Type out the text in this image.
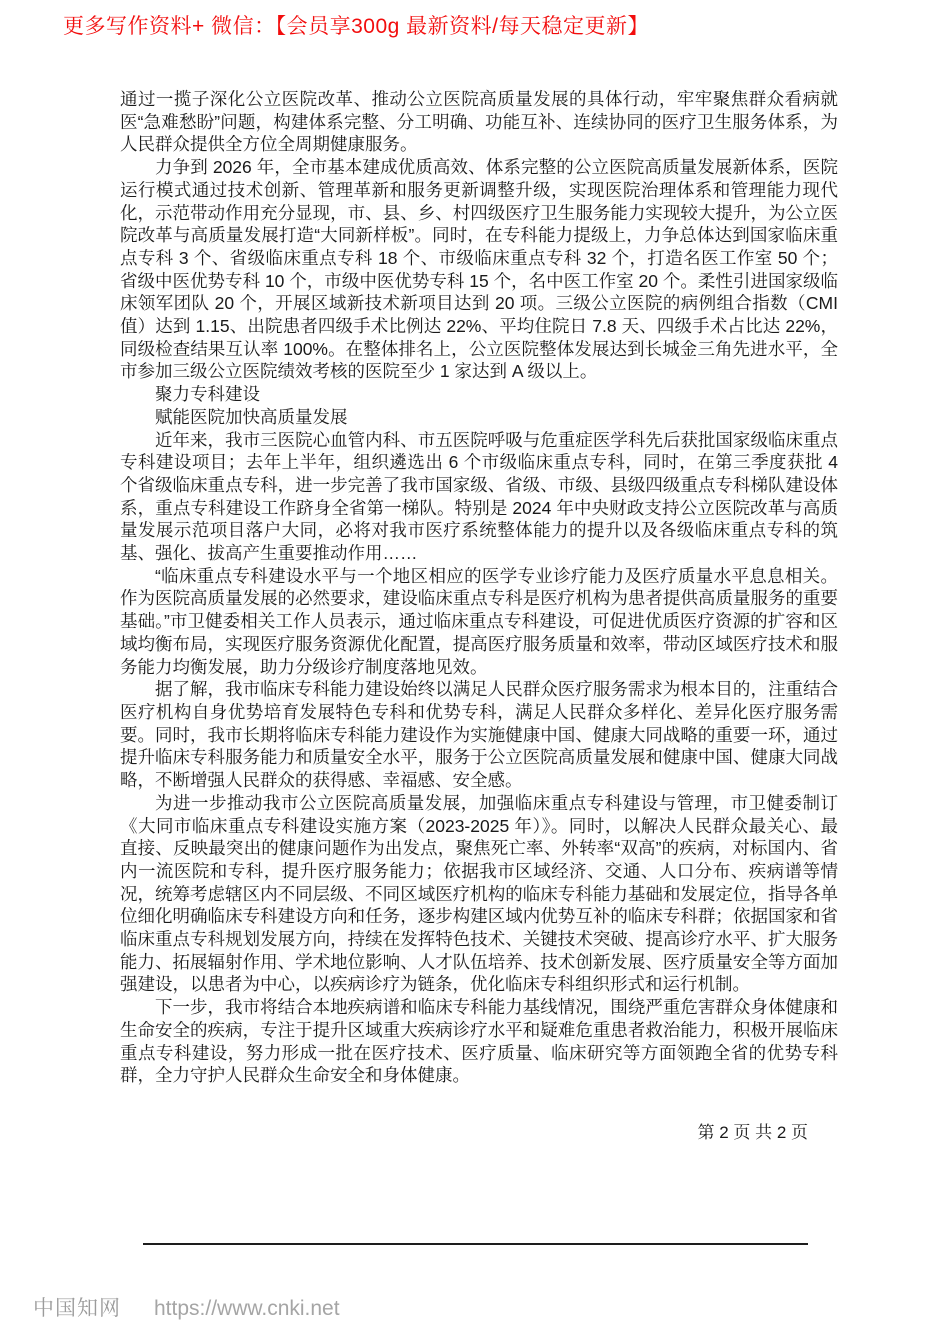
更多写作资料+ 微信：【会员享300g 最新资料/每天稳定更新】

通过一揽子深化公立医院改革、推动公立医院高质量发展的具体行动，牢牢聚焦群众看病就医“急难愁盼”问题，构建体系完整、分工明确、功能互补、连续协同的医疗卫生服务体系，为人民群众提供全方位全周期健康服务。

力争到 2026 年，全市基本建成优质高效、体系完整的公立医院高质量发展新体系，医院运行模式通过技术创新、管理革新和服务更新调整升级，实现医院治理体系和管理能力现代化，示范带动作用充分显现，市、县、乡、村四级医疗卫生服务能力实现较大提升，为公立医院改革与高质量发展打造“大同新样板”。同时，在专科能力提级上，力争总体达到国家临床重点专科 3 个、省级临床重点专科 18 个、市级临床重点专科 32 个，打造名医工作室 50 个；省级中医优势专科 10 个，市级中医优势专科 15 个，名中医工作室 20 个。柔性引进国家级临床领军团队 20 个，开展区域新技术新项目达到 20 项。三级公立医院的病例组合指数（CMI 值）达到 1.15、出院患者四级手术比例达 22%、平均住院日 7.8 天、四级手术占比达 22%，同级检查结果互认率 100%。在整体排名上，公立医院整体发展达到长城金三角先进水平，全市参加三级公立医院绩效考核的医院至少 1 家达到 A 级以上。

聚力专科建设

赋能医院加快高质量发展

近年来，我市三医院心血管内科、市五医院呼吸与危重症医学科先后获批国家级临床重点专科建设项目；去年上半年，组织遴选出 6 个市级临床重点专科，同时，在第三季度获批 4 个省级临床重点专科，进一步完善了我市国家级、省级、市级、县级四级重点专科梯队建设体系，重点专科建设工作跻身全省第一梯队。特别是 2024 年中央财政支持公立医院改革与高质量发展示范项目落户大同，必将对我市医疗系统整体能力的提升以及各级临床重点专科的筑基、强化、拔高产生重要推动作用……

“临床重点专科建设水平与一个地区相应的医学专业诊疗能力及医疗质量水平息息相关。作为医院高质量发展的必然要求，建设临床重点专科是医疗机构为患者提供高质量服务的重要基础。”市卫健委相关工作人员表示，通过临床重点专科建设，可促进优质医疗资源的扩容和区域均衡布局，实现医疗服务资源优化配置，提高医疗服务质量和效率，带动区域医疗技术和服务能力均衡发展，助力分级诊疗制度落地见效。

据了解，我市临床专科能力建设始终以满足人民群众医疗服务需求为根本目的，注重结合医疗机构自身优势培育发展特色专科和优势专科，满足人民群众多样化、差异化医疗服务需要。同时，我市长期将临床专科能力建设作为实施健康中国、健康大同战略的重要一环，通过提升临床专科服务能力和质量安全水平，服务于公立医院高质量发展和健康中国、健康大同战略，不断增强人民群众的获得感、幸福感、安全感。

为进一步推动我市公立医院高质量发展，加强临床重点专科建设与管理，市卫健委制订《大同市临床重点专科建设实施方案（2023-2025 年）》。同时，以解决人民群众最关心、最直接、反映最突出的健康问题作为出发点，聚焦死亡率、外转率“双高”的疾病，对标国内、省内一流医院和专科，提升医疗服务能力；依据我市区域经济、交通、人口分布、疾病谱等情况，统筹考虑辖区内不同层级、不同区域医疗机构的临床专科能力基础和发展定位，指导各单位细化明确临床专科建设方向和任务，逐步构建区域内优势互补的临床专科群；依据国家和省临床重点专科规划发展方向，持续在发挥特色技术、关键技术突破、提高诊疗水平、扩大服务能力、拓展辐射作用、学术地位影响、人才队伍培养、技术创新发展、医疗质量安全等方面加强建设，以患者为中心，以疾病诊疗为链条，优化临床专科组织形式和运行机制。

下一步，我市将结合本地疾病谱和临床专科能力基线情况，围绕严重危害群众身体健康和生命安全的疾病，专注于提升区域重大疾病诊疗水平和疑难危重患者救治能力，积极开展临床重点专科建设，努力形成一批在医疗技术、医疗质量、临床研究等方面领跑全省的优势专科群，全力守护人民群众生命安全和身体健康。

第 2 页 共 2 页
中国知网 https://www.cnki.net
